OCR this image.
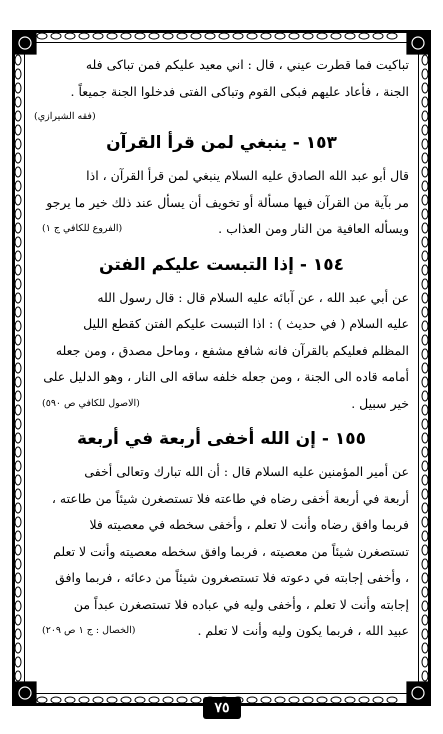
تباكيت فما قطرت عيني ، قال : اني معيد عليكم فمن تباكى فله

الجنة ، فأعاد عليهم فبكى القوم وتباكى الفتى فدخلوا الجنة جميعاً .

(فقه الشيرازي)
١٥٣ - ينبغي لمن قرأ القرآن

قال أبو عبد الله الصادق عليه السلام ينبغي لمن قرأ القرآن ، اذا

مر بآية من القرآن فيها مسألة أو تخويف أن يسأل عند ذلك خير ما يرجو

ويسأله العافية من النار ومن العذاب .
(الفروع للكافي ج ١)

١٥٤ - إذا التبست عليكم الفتن

عن أبي عبد الله ، عن آبائه عليه السلام قال : قال رسول الله

عليه السلام ( في حديث ) : اذا التبست عليكم الفتن كقطع الليل

المظلم فعليكم بالقرآن فانه شافع مشفع ، وماحل مصدق ، ومن جعله

أمامه قاده الى الجنة ، ومن جعله خلفه ساقه الى النار ، وهو الدليل على

خير سبيل .
(الاصول للكافي ص ٥٩٠)

١٥٥ - إن الله أخفى أربعة في أربعة

عن أمير المؤمنين عليه السلام قال : أن الله تبارك وتعالى أخفى

أربعة في أربعة أخفى رضاه في طاعته فلا تستصغرن شيئاً من طاعته ،

فربما وافق رضاه وأنت لا تعلم ، وأخفى سخطه في معصيته فلا

تستصغرن شيئاً من معصيته ، فربما وافق سخطه معصيته وأنت لا تعلم

، وأخفى إجابته في دعوته فلا تستصغرون شيئاً من دعائه ، فربما وافق

إجابته وأنت لا تعلم ، وأخفى وليه في عباده فلا تستصغرن عبداً من

عبيد الله ، فربما يكون وليه وأنت لا تعلم .
(الخصال : ج ١ ص ٢٠٩)

٧٥
